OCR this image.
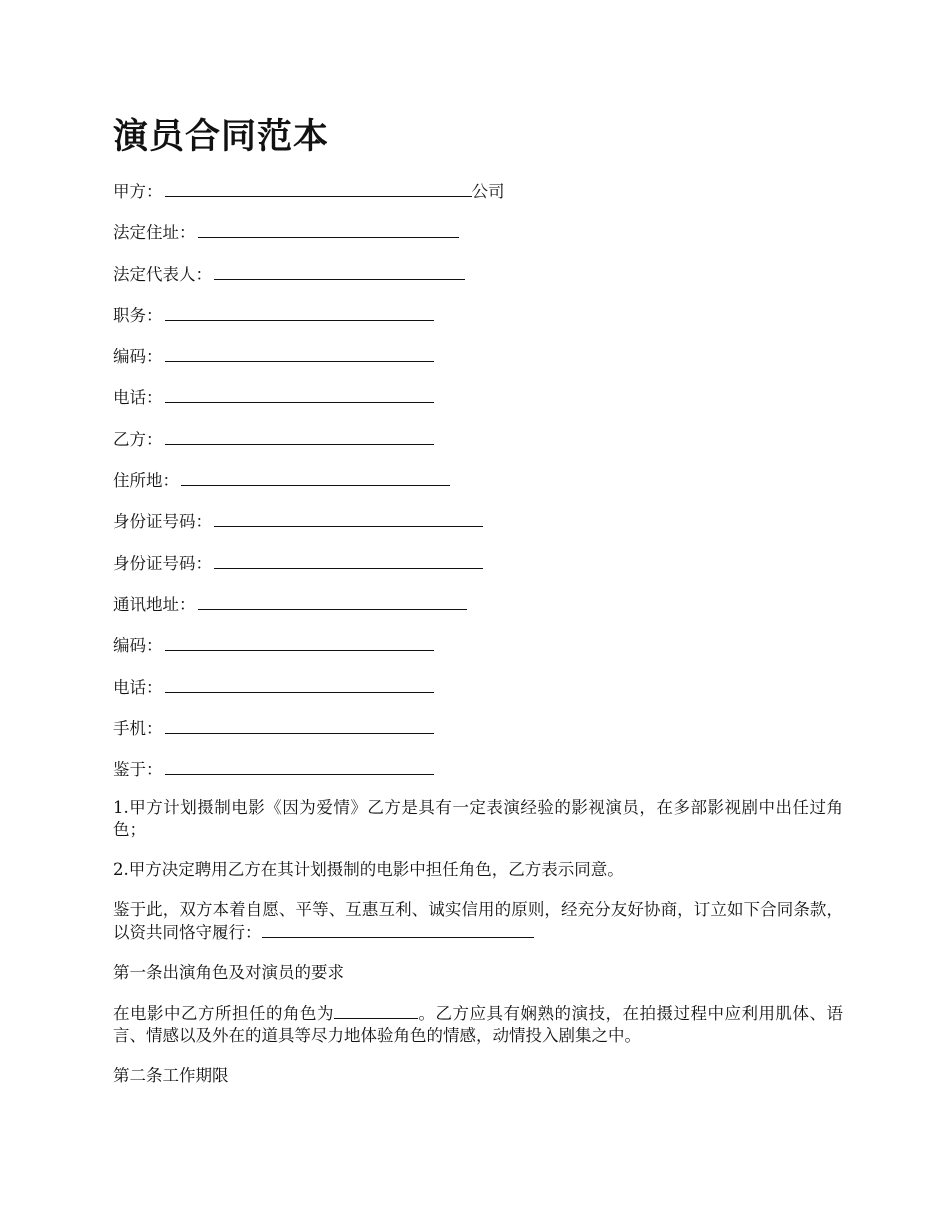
演员合同范本
甲方：	公司
法定住址：
法定代表人：
职务：
编码：
电话：
乙方：
住所地：
身份证号码：
身份证号码：
通讯地址：
编码：
电话：
手机：
鉴于：

1.甲方计划摄制电影《因为爱情》乙方是具有一定表演经验的影视演员，在多部影视剧中出任过角色；

2.甲方决定聘用乙方在其计划摄制的电影中担任角色，乙方表示同意。

鉴于此，双方本着自愿、平等、互惠互利、诚实信用的原则，经充分友好协商，订立如下合同条款，以资共同恪守履行：

第一条出演角色及对演员的要求

在电影中乙方所担任的角色为	。乙方应具有娴熟的演技，在拍摄过程中应利用肌体、语言、情感以及外在的道具等尽力地体验角色的情感，动情投入剧集之中。

第二条工作期限
